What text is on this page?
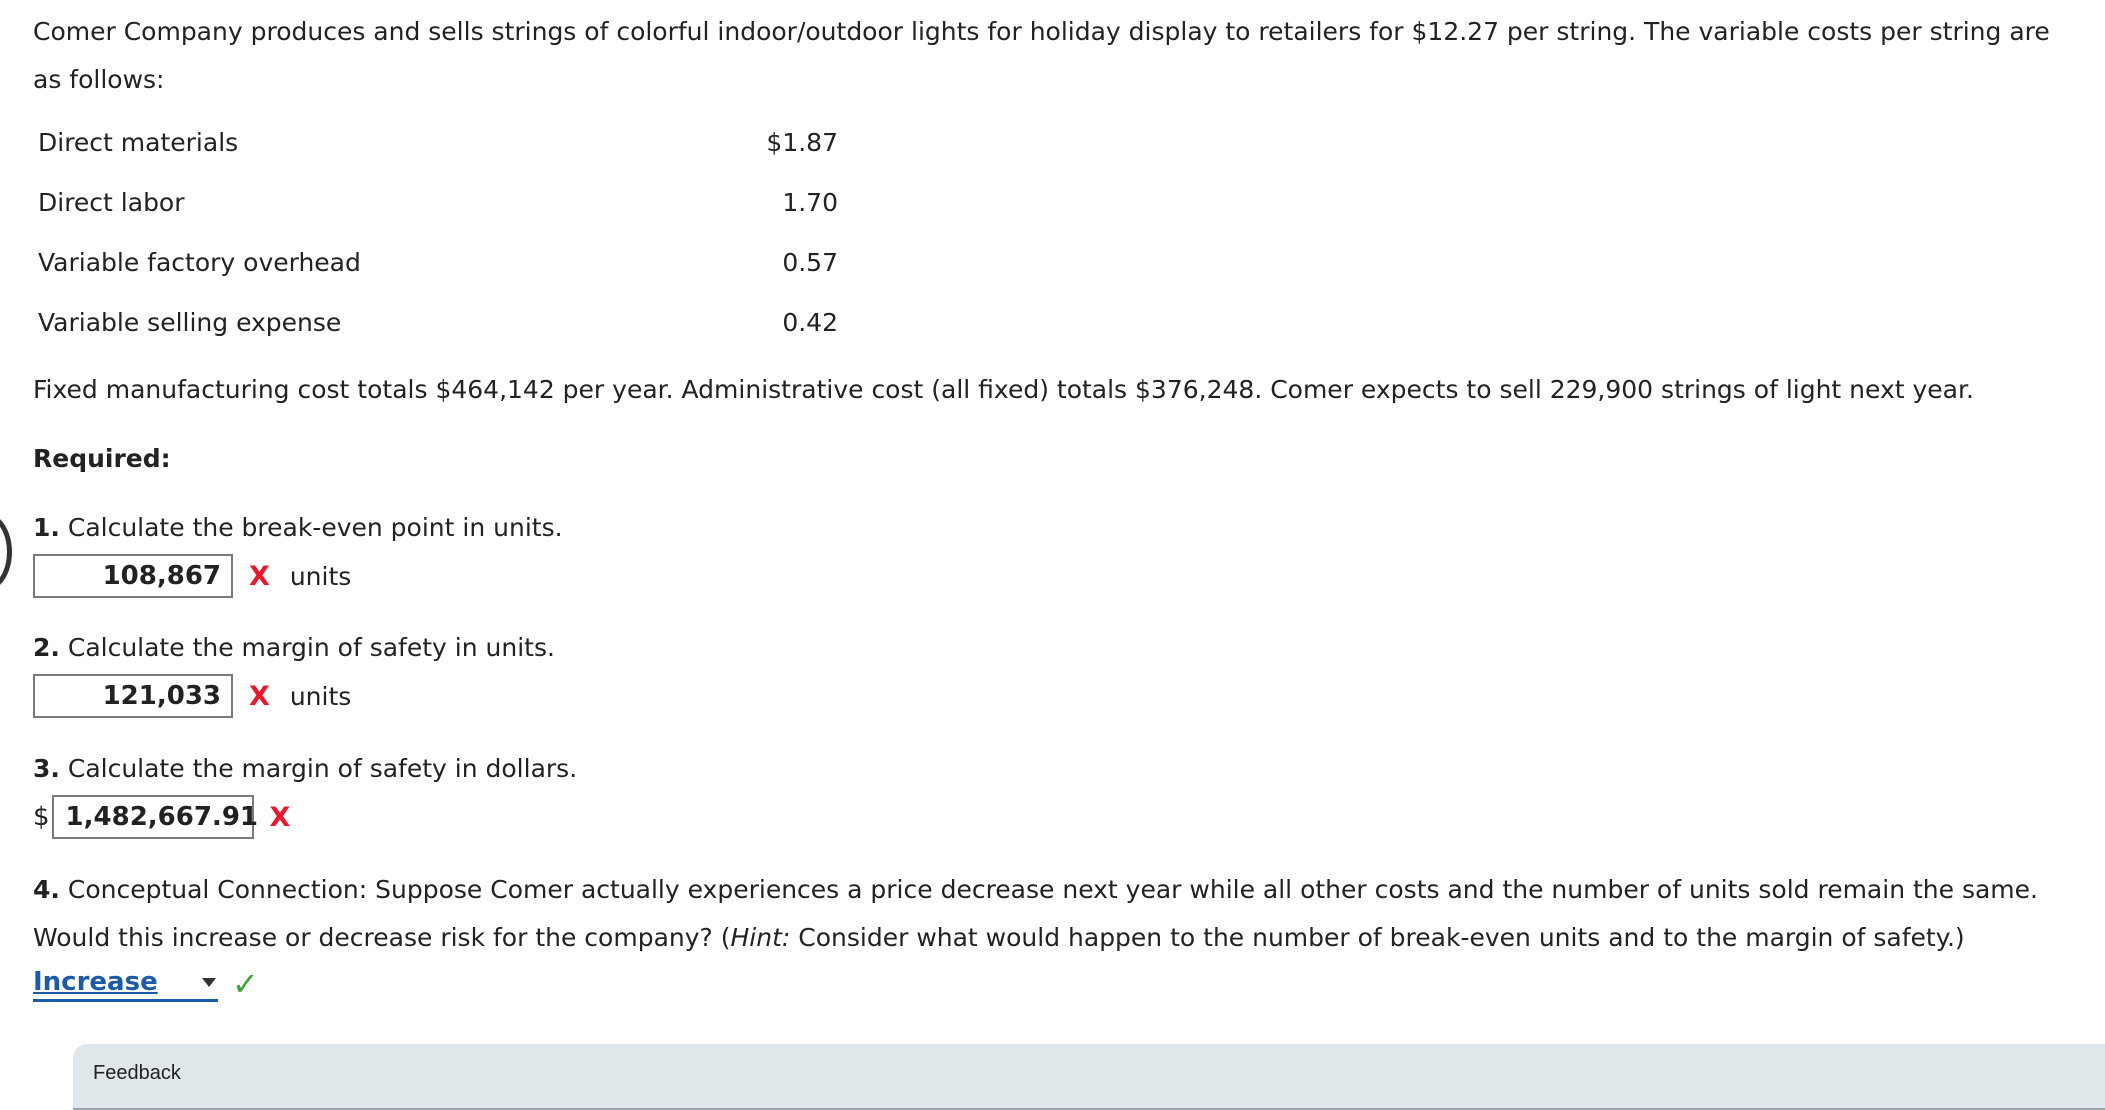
Comer Company produces and sells strings of colorful indoor/outdoor lights for holiday display to retailers for $12.27 per string. The variable costs per string are as follows:
Direct materials	$1.87
Direct labor	1.70
Variable factory overhead	0.57
Variable selling expense	0.42
Fixed manufacturing cost totals $464,142 per year. Administrative cost (all fixed) totals $376,248. Comer expects to sell 229,900 strings of light next year.
Required:
1. Calculate the break-even point in units.
108,867	X units
2. Calculate the margin of safety in units.
121,033	X units
3. Calculate the margin of safety in dollars.
$ 1,482,667.91 X
4. Conceptual Connection: Suppose Comer actually experiences a price decrease next year while all other costs and the number of units sold remain the same. Would this increase or decrease risk for the company? (Hint: Consider what would happen to the number of break-even units and to the margin of safety.)
Increase	✓
Feedback
